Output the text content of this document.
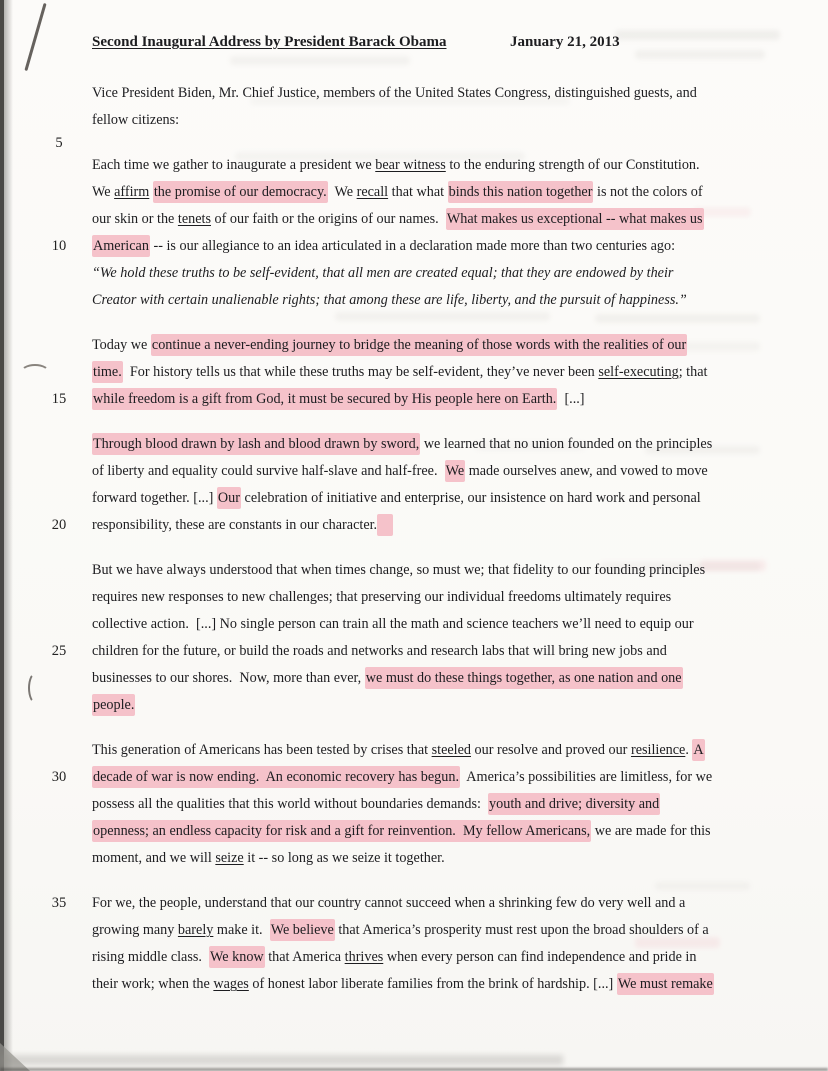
Second Inaugural Address by President Barack Obama	January 21, 2013
Vice President Biden, Mr. Chief Justice, members of the United States Congress, distinguished guests, and
fellow citizens:
5
Each time we gather to inaugurate a president we bear witness to the enduring strength of our Constitution.
We affirm the promise of our democracy.  We recall that what binds this nation together is not the colors of
our skin or the tenets of our faith or the origins of our names.  What makes us exceptional -- what makes us
10	American -- is our allegiance to an idea articulated in a declaration made more than two centuries ago:
“We hold these truths to be self-evident, that all men are created equal; that they are endowed by their
Creator with certain unalienable rights; that among these are life, liberty, and the pursuit of happiness.”
Today we continue a never-ending journey to bridge the meaning of those words with the realities of our
time.  For history tells us that while these truths may be self-evident, they’ve never been self-executing; that
15	while freedom is a gift from God, it must be secured by His people here on Earth.  [...]
Through blood drawn by lash and blood drawn by sword, we learned that no union founded on the principles
of liberty and equality could survive half-slave and half-free.  We made ourselves anew, and vowed to move
forward together. [...] Our celebration of initiative and enterprise, our insistence on hard work and personal
20	responsibility, these are constants in our character.
But we have always understood that when times change, so must we; that fidelity to our founding principles
requires new responses to new challenges; that preserving our individual freedoms ultimately requires
collective action.  [...] No single person can train all the math and science teachers we’ll need to equip our
25	children for the future, or build the roads and networks and research labs that will bring new jobs and
businesses to our shores.  Now, more than ever, we must do these things together, as one nation and one
people.
This generation of Americans has been tested by crises that steeled our resolve and proved our resilience. A
30	decade of war is now ending.  An economic recovery has begun.  America’s possibilities are limitless, for we
possess all the qualities that this world without boundaries demands:  youth and drive; diversity and
openness; an endless capacity for risk and a gift for reinvention.  My fellow Americans, we are made for this
moment, and we will seize it -- so long as we seize it together.
35	For we, the people, understand that our country cannot succeed when a shrinking few do very well and a
growing many barely make it.  We believe that America’s prosperity must rest upon the broad shoulders of a
rising middle class.  We know that America thrives when every person can find independence and pride in
their work; when the wages of honest labor liberate families from the brink of hardship. [...] We must remake
